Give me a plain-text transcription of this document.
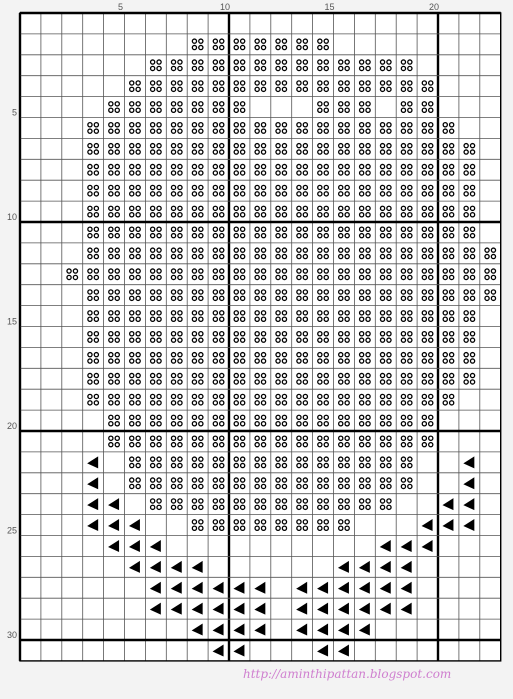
5	10	15	20
5
10
15
20
25
30
http://aminthipattan.blogspot.com
